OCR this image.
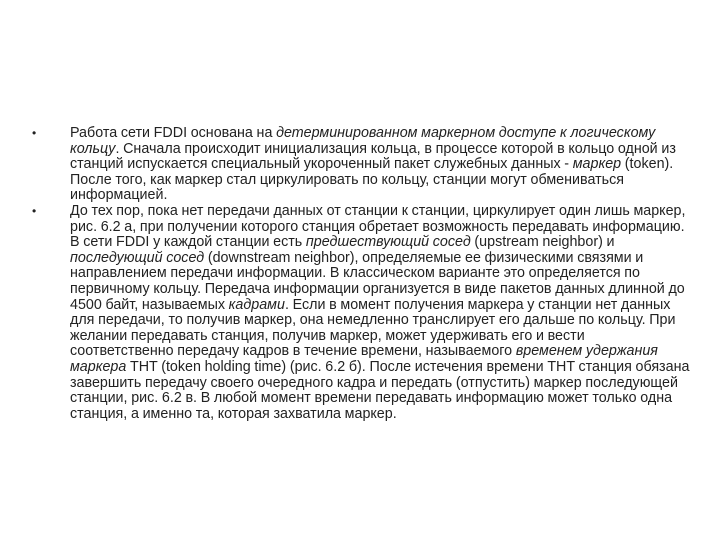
• Работа сети FDDI основана на детерминированном маркерном доступе к логическому кольцу. Сначала происходит инициализация кольца, в процессе которой в кольцо одной из станций испускается специальный укороченный пакет служебных данных - маркер (token). После того, как маркер стал циркулировать по кольцу, станции могут обмениваться информацией.
• До тех пор, пока нет передачи данных от станции к станции, циркулирует один лишь маркер, рис. 6.2 а, при получении которого станция обретает возможность передавать информацию. В сети FDDI у каждой станции есть предшествующий сосед (upstream neighbor) и последующий сосед (downstream neighbor), определяемые ее физическими связями и направлением передачи информации. В классическом варианте это определяется по первичному кольцу. Передача информации организуется в виде пакетов данных длинной до 4500 байт, называемых кадрами. Если в момент получения маркера у станции нет данных для передачи, то получив маркер, она немедленно транслирует его дальше по кольцу. При желании передавать станция, получив маркер, может удерживать его и вести соответственно передачу кадров в течение времени, называемого временем удержания маркера THT (token holding time) (рис. 6.2 б). После истечения времени THT станция обязана завершить передачу своего очередного кадра и передать (отпустить) маркер последующей станции, рис. 6.2 в. В любой момент времени передавать информацию может только одна станция, а именно та, которая захватила маркер.
